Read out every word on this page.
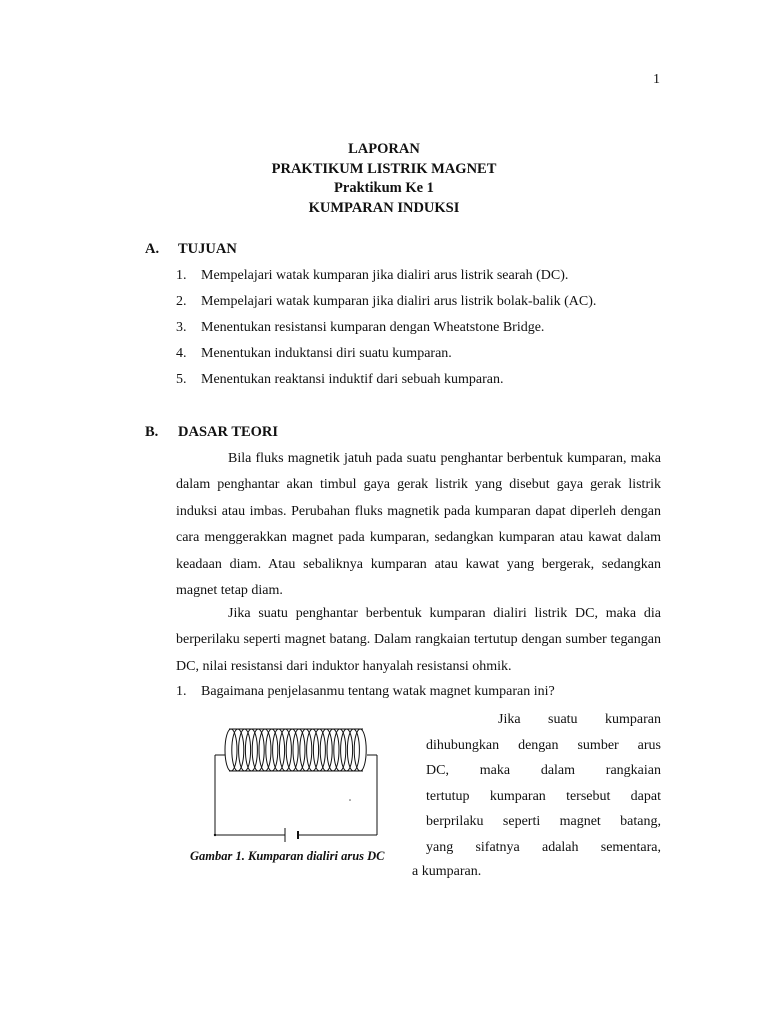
1
LAPORAN
PRAKTIKUM LISTRIK MAGNET
Praktikum Ke 1
KUMPARAN INDUKSI
A. TUJUAN
1. Mempelajari watak kumparan jika dialiri arus listrik searah (DC).
2. Mempelajari watak kumparan jika dialiri arus listrik bolak-balik (AC).
3. Menentukan resistansi kumparan dengan Wheatstone Bridge.
4. Menentukan induktansi diri suatu kumparan.
5. Menentukan reaktansi induktif dari sebuah kumparan.
B. DASAR TEORI

Bila fluks magnetik jatuh pada suatu penghantar berbentuk kumparan, maka dalam penghantar akan timbul gaya gerak listrik yang disebut gaya gerak listrik induksi atau imbas. Perubahan fluks magnetik pada kumparan dapat diperleh dengan cara menggerakkan magnet pada kumparan, sedangkan kumparan atau kawat dalam keadaan diam. Atau sebaliknya kumparan atau kawat yang bergerak, sedangkan magnet tetap diam.

Jika suatu penghantar berbentuk kumparan dialiri listrik DC, maka dia berperilaku seperti magnet batang. Dalam rangkaian tertutup dengan sumber tegangan DC, nilai resistansi dari induktor hanyalah resistansi ohmik.

1. Bagaimana penjelasanmu tentang watak magnet kumparan ini?
Gambar 1. Kumparan dialiri arus DC

Jika suatu kumparan
dihubungkan dengan sumber arus
DC, maka dalam rangkaian
tertutup kumparan tersebut dapat
berprilaku seperti magnet batang,
yang sifatnya adalah sementara,

a kumparan.
